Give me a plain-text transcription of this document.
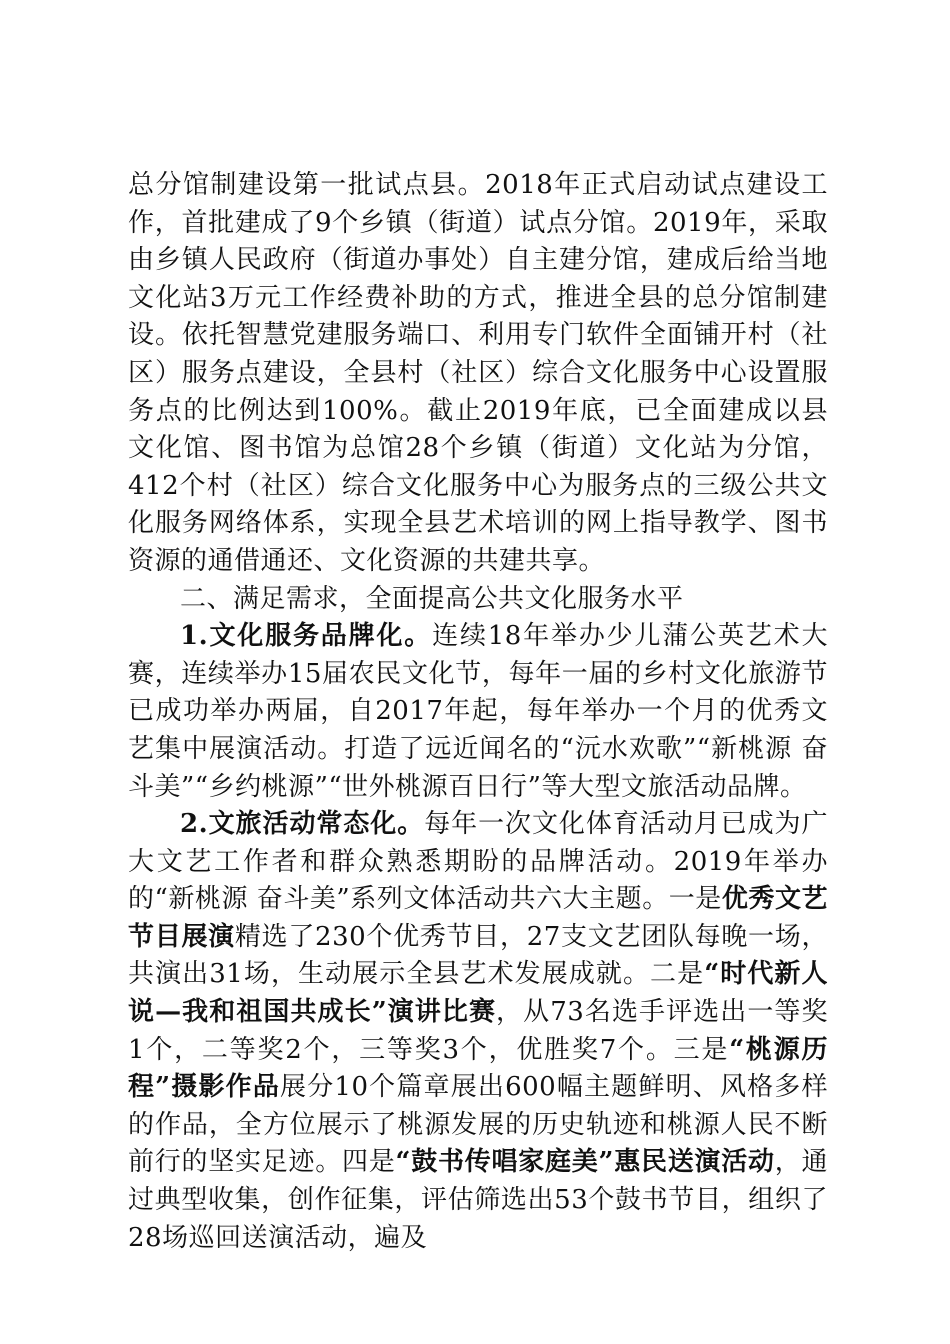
总分馆制建设第一批试点县。2018年正式启动试点建设工作，首批建成了9个乡镇（街道）试点分馆。2019年，采取由乡镇人民政府（街道办事处）自主建分馆，建成后给当地文化站3万元工作经费补助的方式，推进全县的总分馆制建设。依托智慧党建服务端口、利用专门软件全面铺开村（社区）服务点建设，全县村（社区）综合文化服务中心设置服务点的比例达到100%。截止2019年底，已全面建成以县文化馆、图书馆为总馆28个乡镇（街道）文化站为分馆，412个村（社区）综合文化服务中心为服务点的三级公共文化服务网络体系，实现全县艺术培训的网上指导教学、图书资源的通借通还、文化资源的共建共享。

二、满足需求，全面提高公共文化服务水平

1.文化服务品牌化。连续18年举办少儿蒲公英艺术大赛，连续举办15届农民文化节，每年一届的乡村文化旅游节已成功举办两届，自2017年起，每年举办一个月的优秀文艺集中展演活动。打造了远近闻名的“沅水欢歌”“新桃源 奋斗美”“乡约桃源”“世外桃源百日行”等大型文旅活动品牌。

2.文旅活动常态化。每年一次文化体育活动月已成为广大文艺工作者和群众熟悉期盼的品牌活动。2019年举办的“新桃源 奋斗美”系列文体活动共六大主题。一是优秀文艺节目展演精选了230个优秀节目，27支文艺团队每晚一场，共演出31场，生动展示全县艺术发展成就。二是“时代新人说—我和祖国共成长”演讲比赛，从73名选手评选出一等奖1个，二等奖2个，三等奖3个，优胜奖7个。三是“桃源历程”摄影作品展分10个篇章展出600幅主题鲜明、风格多样的作品，全方位展示了桃源发展的历史轨迹和桃源人民不断前行的坚实足迹。四是“鼓书传唱家庭美”惠民送演活动，通过典型收集，创作征集，评估筛选出53个鼓书节目，组织了28场巡回送演活动，遍及
